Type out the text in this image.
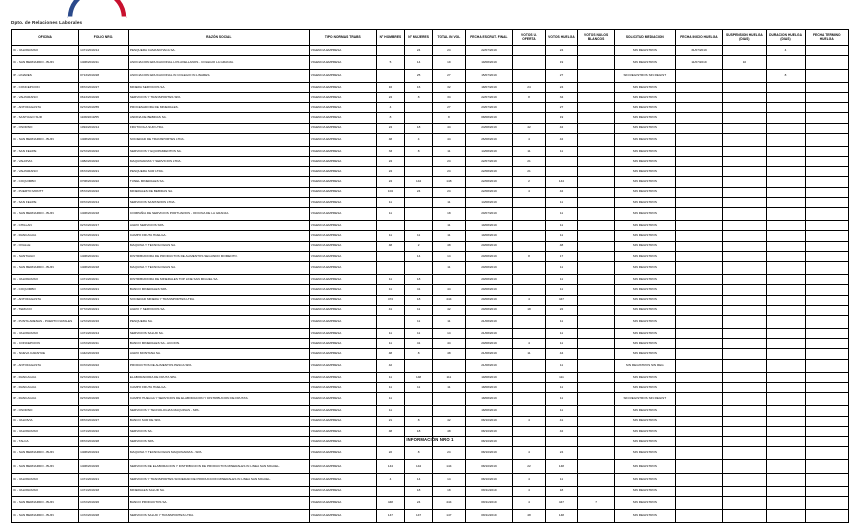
Dpto. de Relaciones Laborales
OFICINA	FOLIO NRO.	RAZÓN SOCIAL	TIPO NORMAS TRABS	N° HOMBRES	N° MUJERES	TOTAL IN VOL	FECHA ESCRUT. FINAL	VOTOS U. OFERTA	VOTOS HUELGA	VOTOS NULOS BLANCOS	SOLICITUD MEDIACION	FECHA INICIO HUELGA	SUSPENSION HUELGA (DIAS)	DURACION HUELGA (DIAS)	FECHA TERMINO HUELGA
IC - VALPARAISO	1471/2019/14	PESQUERA CAMANCHACA SA.	VIGENCIA EMPRESA		24	24	22/07/2019		24		SIN REGISTROS	31/07/2019		4	
IC - SAN BERNARDO - BUIN	1408/2019/11	ASOCIACION EDUCACIONAL LOS AVELLANOS - COLEGIO LA GRANJA.	VIGENCIA EMPRESA	5	14	19	19/08/2019		19		SIN REGISTROS	11/07/2019	10		
IP - LINARES	0713/2019/28	ASOCIACION EDUCACIONAL IN COLEGIO IN LINARES.	VIGENCIA EMPRESA		25	27	15/07/2019		27		SIN REGISTROS SIN REGIST			8	
IP - CONCEPCION	0872/2019/27	MINERA SERVICIOS SA.	VIGENCIA EMPRESA	16	16	32	18/07/2019	24	24		SIN REGISTROS				
IP - VALPARAISO	0613/2019/26	SERVICIOS Y TRANSPORTES SPA.	VIGENCIA EMPRESA	24	8	34	22/07/2019	8	34		SIN REGISTROS				
IP - ANTOFAGASTA	0272/2019/55	PROCESADORA DE MINERALES.	VIGENCIA EMPRESA	4		27	23/07/2019		27		SIN REGISTROS				
IP - SANTIAGO SUR	1108/2019/55	ANDINA DE BEBIDAS SA.	VIGENCIA EMPRESA	8		8	08/08/2019		19		SIN REGISTROS				
IP - OSORNO	1094/2019/14	FRUTICOLA SUR LTDA.	VIGENCIA EMPRESA	24	18	44	24/08/2019	42	42		SIN REGISTROS				
IC - SAN BERNARDO - BUIN	1408/2019/16	SOCIEDAD DE TRANSPORTES LTDA.	VIGENCIA EMPRESA	48	4	44	26/08/2019	4	42		SIN REGISTROS				
IP - SAN FELIPE	0272/2019/22	SERVICIOS Y EQUIPAMIENTOS SA.	VIGENCIA EMPRESA	33	8	11	14/08/2019	11	11		SIN REGISTROS				
IP - VALDIVIA	1082/2019/22	MAQUINARIAS Y SERVICIOS LTDA.	VIGENCIA EMPRESA	24		24	22/07/2019	21			SIN REGISTROS				
IP - VALPARAISO	0672/2019/21	PESQUERA SUR LTDA.	VIGENCIA EMPRESA	24		24	22/08/2019	21			SIN REGISTROS				
IP - COQUIMBO	0708/2019/22	TUNEL MINERALES SA.	VIGENCIA EMPRESA	24	144	148	22/08/2019	2	144		SIN REGISTROS				
IP - PUERTO MONTT	0572/2019/22	MINERALES DE BEBIDAS SA.	VIGENCIA EMPRESA	104	24	24	22/08/2019	4	42		SIN REGISTROS				
IP - SAN FELIPE	0072/2019/14	SERVICIOS SANITARIOS LTDA.	VIGENCIA EMPRESA	11		11	14/08/2019		11		SIN REGISTROS				
IC - SAN BERNARDO - BUIN	1408/2019/18	COMPAÑIA DE SERVICIOS PORTUARIOS - OFICINA DE LA GRANJA.	VIGENCIA EMPRESA	11		18	20/07/2019		11		SIN REGISTROS				
IP - CHILLAN	0272/2019/17	AGRO SERVICIOS SPA.	VIGENCIA EMPRESA			11	19/08/2019		11		SIN REGISTROS				
IP - RANCAGUA	0272/2019/21	CAMPO FRUTA HUELGA.	VIGENCIA EMPRESA	11	11	11	19/08/2019		11		SIN REGISTROS				
IP - OVALLE	0272/2019/11	MAQUINA Y TECNOLOGIAS SA.	VIGENCIA EMPRESA	48	2	48	20/08/2019		48		SIN REGISTROS				
IC - SANTIAGO	1408/2019/11	DISTRIBUIDORA DE PRODUCTOS DE ALIMENTOS SEGUNDO MOMENTO.	VIGENCIA EMPRESA		14	14	20/08/2019	8	17		SIN REGISTROS				
IC - SAN BERNARDO - BUIN	1408/2019/18	MAQUINA Y TECNOLOGIAS SA.	VIGENCIA EMPRESA			11	20/08/2019		11		SIN REGISTROS				
IC - VALPARAISO	1471/2019/11	DISTRIBUIDORA DE MINERALES TOP LINE SAN MIGUEL SA.	VIGENCIA EMPRESA	11	18		20/08/2019		11		SIN REGISTROS				
IP - COQUIMBO	1472/2019/21	BANCO MINERALES SPA.	VIGENCIA EMPRESA	11	41	44	20/08/2019		11		SIN REGISTROS				
IP - ANTOFAGASTA	0472/2019/21	SOCIEDAD MINERA Y TRANSPORTES LTDA.	VIGENCIA EMPRESA	474	18	444	20/08/2019	4	447		SIN REGISTROS				
IP - TEMUCO	0772/2019/21	AGRO Y SERVICIOS SA.	VIGENCIA EMPRESA	41	11	42	20/08/2019	18	22		SIN REGISTROS				
IP - PUNTA ARENAS - PUERTO NATALES	1272/2019/16	PESQUERA SA.	VIGENCIA EMPRESA		11	11	21/08/2019		11		SIN REGISTROS				
IC - VALPARAISO	1471/2019/14	SERVICIOS SALUD SA.	VIGENCIA EMPRESA	11	11	14	21/08/2019		11		SIN REGISTROS				
IC - CONCEPCION	1472/2019/11	BANCO MINERALES SA - ACCION.	VIGENCIA EMPRESA	11	41	44	20/08/2019	4	11		SIN REGISTROS				
IC - NUEVA CARAHUE	1442/2019/16	AGRO MONTANA SA.	VIGENCIA EMPRESA	48	8	48	21/08/2019	11	44		SIN REGISTROS				
IP - ANTOFAGASTA	0472/2019/22	PRODUCTOS DE ALIMENTOS PESCA SPA.	VIGENCIA EMPRESA	42			21/08/2019		11		SIN REGISTROS SIN REG				
IP - RANCAGUA	0272/2019/21	ELABORADORA DE FRUTA SPA.	VIGENCIA EMPRESA	11	148	111	19/08/2019		111		SIN REGISTROS				
IP - RANCAGUA	0272/2019/24	CAMPO FRUTA HUELGA.	VIGENCIA EMPRESA	11	11	11	18/08/2019		11		SIN REGISTROS				
IP - RANCAGUA	0272/2019/26	CAMPO HUELGA Y SERVICIOS DE ELABORACION Y DISTRIBUCION DE FRUTAS.	VIGENCIA EMPRESA	11			18/08/2019		11		SIN REGISTROS SIN REGIST				
IP - OSORNO	0272/2019/26	SERVICIOS Y TECNOLOGIAS MAQUINAS - SPA.	VIGENCIA EMPRESA	11			18/08/2019		11		SIN REGISTROS				
IC - VALDIVIA	0872/2019/27	BANCO SUR DE SPA.	VIGENCIA EMPRESA	21	8	42	08/10/2019	4	41		SIN REGISTROS				
IC - VALPARAISO	1471/2019/22	SERVICIOS SA.	VIGENCIA EMPRESA	48	18	48	08/10/2019		42		SIN REGISTROS				
IC - TALCA	0872/2019/28	SERVICIOS SPA.	VIGENCIA EMPRESA				08/10/2019				SIN REGISTROS				
IC - SAN BERNARDO - BUIN	1408/2019/24	MAQUINA Y TECNOLOGIAS MAQUINARIAS - SPA.	VIGENCIA EMPRESA	22	8	24	08/10/2019	4	24		SIN REGISTROS				
IC - SAN BERNARDO - BUIN	1408/2019/26	SERVICIOS DE ELABORACION Y DISTRIBUCION DE PRODUCTOS MINERALES IN LINEA SAN MIGUEL.	VIGENCIA EMPRESA	144	144	144	08/10/2019	22	148		SIN REGISTROS				
IC - VALPARAISO	1471/2019/21	SERVICIOS Y TRANSPORTES SOCIEDAD DE PRODUCCION MINERALES IN LINEA SAN MIGUEL.	VIGENCIA EMPRESA	4	14	14	08/10/2019	4	11		SIN REGISTROS				
IC - VALPARAISO	1471/2019/18	MINERALES SALUD SA.	VIGENCIA EMPRESA		18	18	08/11/2019	4	18		SIN REGISTROS				
IC - SAN BERNARDO - BUIN	1472/2019/26	BANCO PRODUCTOS SA.	VIGENCIA EMPRESA	448	24	444	08/11/2019	4	447	7	SIN REGISTROS				
IC - SAN BERNARDO - BUIN	1472/2019/28	SERVICIOS SALUD Y TRANSPORTES LTDA.	VIGENCIA EMPRESA	147	147	147	08/11/2019	48	148		SIN REGISTROS				
INFORMACIÓN NRO 1
